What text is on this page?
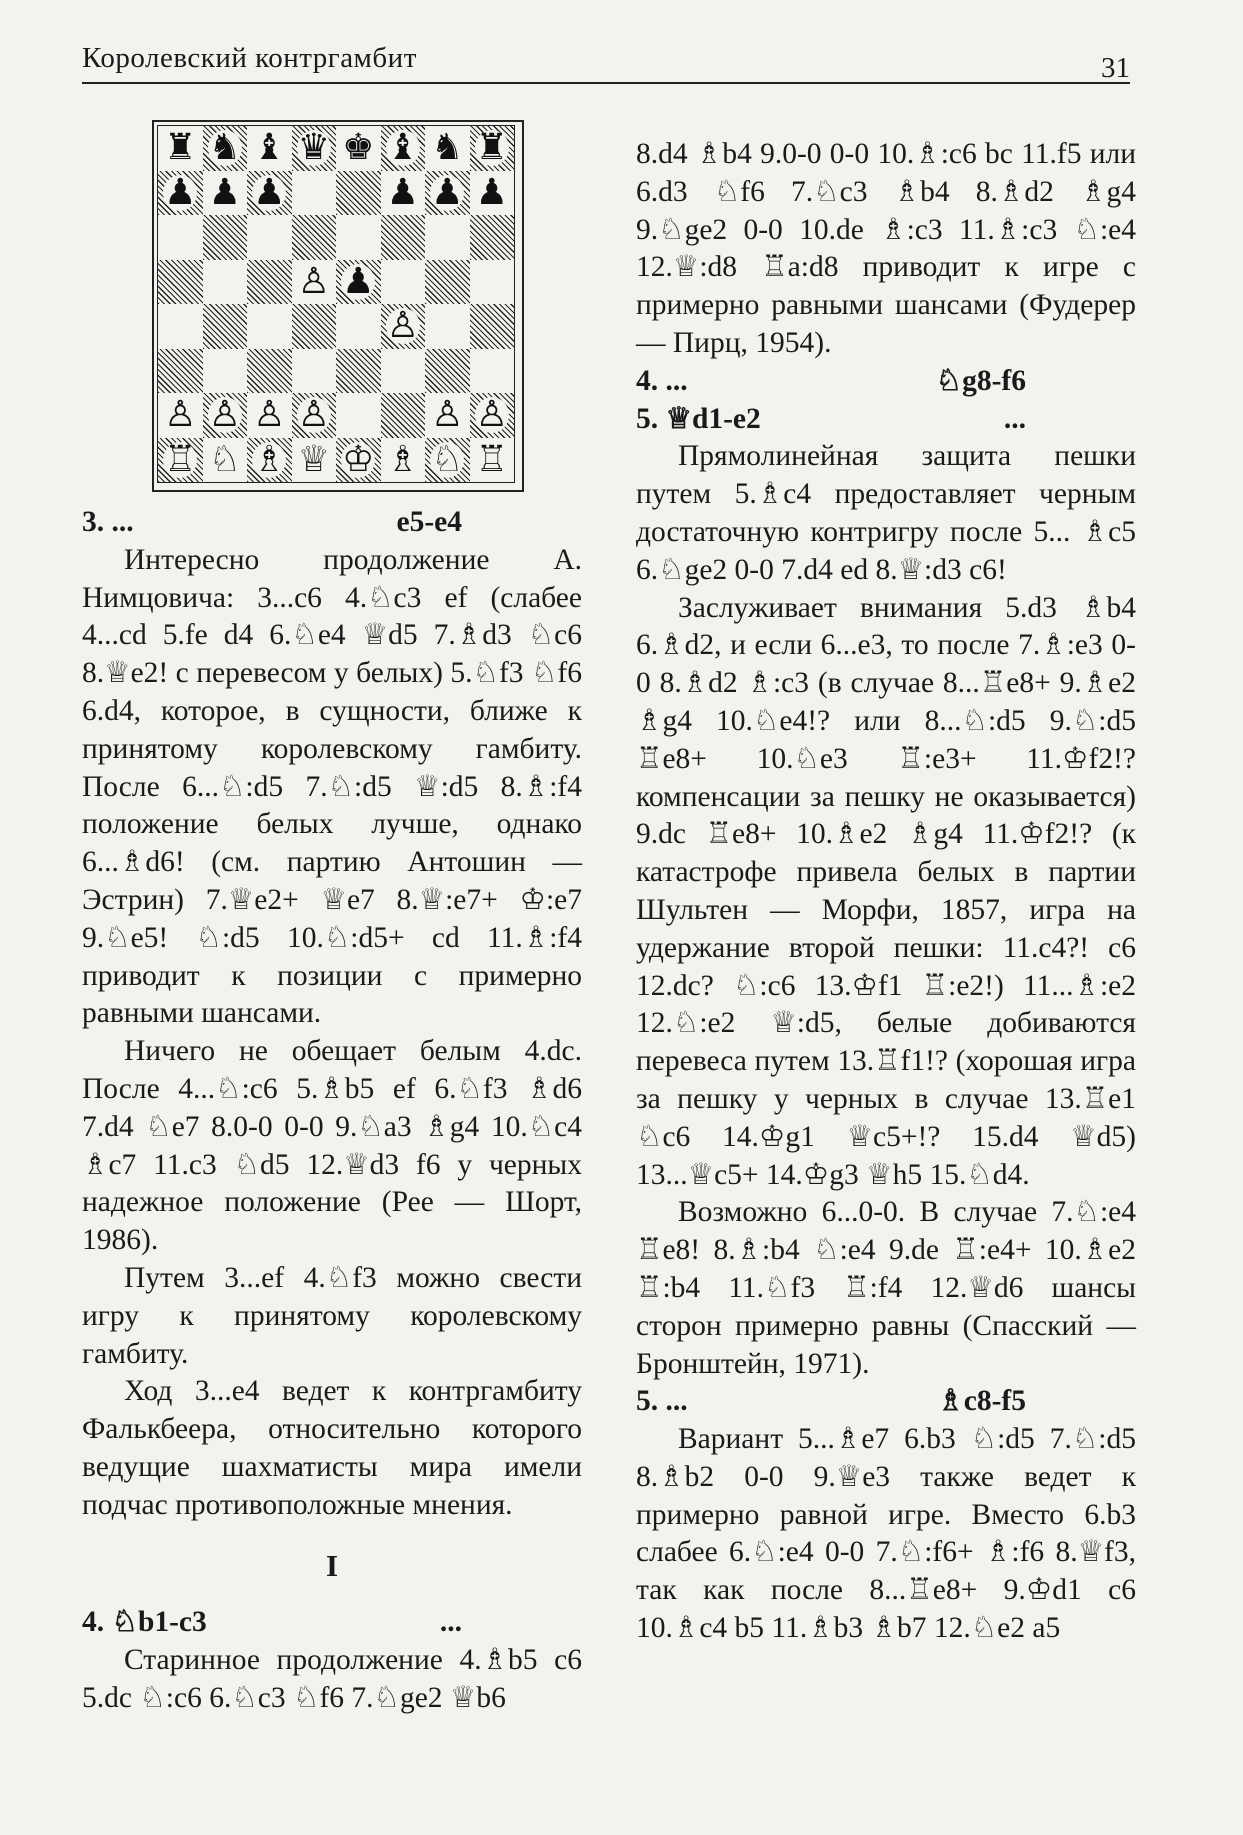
Королевский контргамбит	31
♜ ♞ ♝ ♛ ♚ ♝ ♞ ♜
♟ ♟ ♟	♟ ♟ ♟
♙ ♟
♙
♙ ♙ ♙ ♙	♙ ♙
♖ ♘ ♗ ♕ ♔ ♗ ♘ ♖
3. ...	e5-e4

Интересно продолжение А. Нимцовича: 3...c6 4.♘c3 ef (слабее 4...cd 5.fe d4 6.♘e4 ♕d5 7.♗d3 ♘c6 8.♕e2! с перевесом у белых) 5.♘f3 ♘f6 6.d4, которое, в сущности, ближе к принятому королевскому гамбиту. После 6...♘:d5 7.♘:d5 ♕:d5 8.♗:f4 положение белых лучше, однако 6...♗d6! (см. партию Антошин — Эстрин) 7.♕e2+ ♕e7 8.♕:e7+ ♔:e7 9.♘e5! ♘:d5 10.♘:d5+ cd 11.♗:f4 приводит к позиции с примерно равными шансами.

Ничего не обещает белым 4.dc. После 4...♘:c6 5.♗b5 ef 6.♘f3 ♗d6 7.d4 ♘e7 8.0-0 0-0 9.♘a3 ♗g4 10.♘c4 ♗c7 11.c3 ♘d5 12.♕d3 f6 у черных надежное положение (Рее — Шорт, 1986).

Путем 3...ef 4.♘f3 можно свести игру к принятому королевскому гамбиту.

Ход 3...e4 ведет к контргамбиту Фалькбеера, относительно которого ведущие шахматисты мира имели подчас противоположные мнения.

I

4. ♘b1-c3	...

Старинное продолжение 4.♗b5 c6 5.dc ♘:c6 6.♘c3 ♘f6 7.♘ge2 ♕b6

8.d4 ♗b4 9.0-0 0-0 10.♗:c6 bc 11.f5 или 6.d3 ♘f6 7.♘c3 ♗b4 8.♗d2 ♗g4 9.♘ge2 0-0 10.de ♗:c3 11.♗:c3 ♘:e4 12.♕:d8 ♖a:d8 приводит к игре с примерно равными шансами (Фудерер — Пирц, 1954).

4. ...	♘g8-f6
5. ♕d1-e2	...

Прямолинейная защита пешки путем 5.♗c4 предоставляет черным достаточную контригру после 5... ♗c5 6.♘ge2 0-0 7.d4 ed 8.♕:d3 c6!

Заслуживает внимания 5.d3 ♗b4 6.♗d2, и если 6...e3, то после 7.♗:e3 0-0 8.♗d2 ♗:c3 (в случае 8...♖e8+ 9.♗e2 ♗g4 10.♘e4!? или 8...♘:d5 9.♘:d5 ♖e8+ 10.♘e3 ♖:e3+ 11.♔f2!? компенсации за пешку не оказывается) 9.dc ♖e8+ 10.♗e2 ♗g4 11.♔f2!? (к катастрофе привела белых в партии Шультен — Морфи, 1857, игра на удержание второй пешки: 11.c4?! c6 12.dc? ♘:c6 13.♔f1 ♖:e2!) 11...♗:e2 12.♘:e2 ♕:d5, белые добиваются перевеса путем 13.♖f1!? (хорошая игра за пешку у черных в случае 13.♖e1 ♘c6 14.♔g1 ♕c5+!? 15.d4 ♕d5) 13...♕c5+ 14.♔g3 ♕h5 15.♘d4.

Возможно 6...0-0. В случае 7.♘:e4 ♖e8! 8.♗:b4 ♘:e4 9.de ♖:e4+ 10.♗e2 ♖:b4 11.♘f3 ♖:f4 12.♕d6 шансы сторон примерно равны (Спасский — Бронштейн, 1971).

5. ...	♗c8-f5

Вариант 5...♗e7 6.b3 ♘:d5 7.♘:d5 8.♗b2 0-0 9.♕e3 также ведет к примерно равной игре. Вместо 6.b3 слабее 6.♘:e4 0-0 7.♘:f6+ ♗:f6 8.♕f3, так как после 8...♖e8+ 9.♔d1 c6 10.♗c4 b5 11.♗b3 ♗b7 12.♘e2 a5
